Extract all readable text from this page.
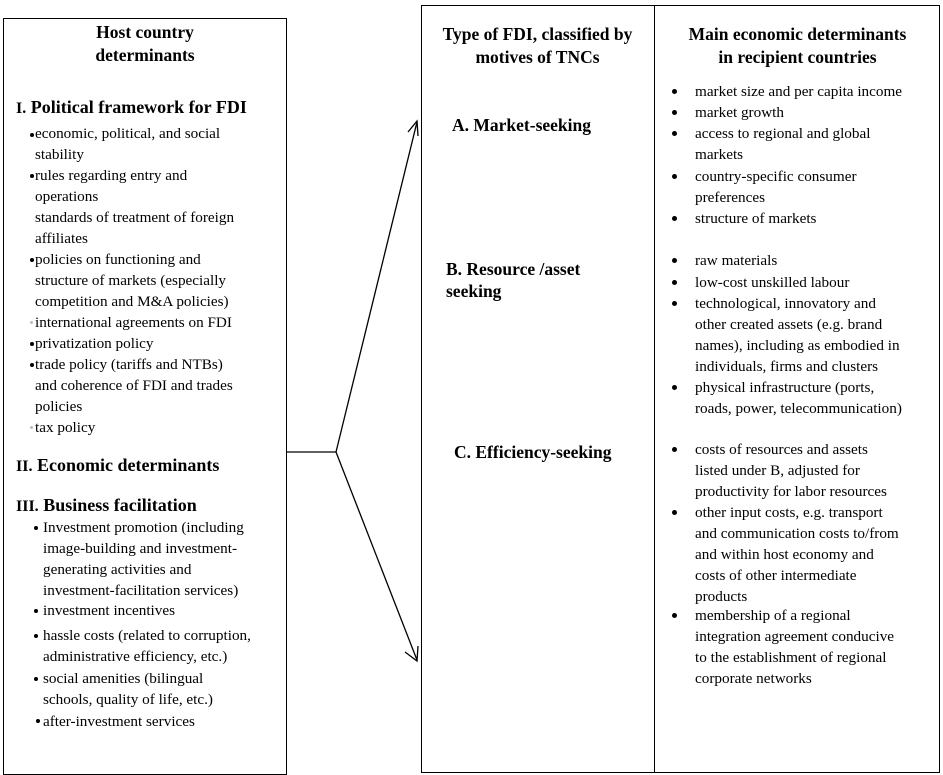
Host country
determinants
I. Political framework for FDI
economic, political, and social
stability
rules regarding entry and
operations
standards of treatment of foreign
affiliates
policies on functioning and
structure of markets (especially
competition and M&A policies)
international agreements on FDI
privatization policy
trade policy (tariffs and NTBs)
and coherence of FDI and trades
policies
tax policy
II. Economic determinants
III. Business facilitation
Investment promotion (including
image-building and investment-
generating activities and
investment-facilitation services)
investment incentives
hassle costs (related to corruption,
administrative efficiency, etc.)
social amenities (bilingual
schools, quality of life, etc.)
after-investment services
Type of FDI, classified by
motives of TNCs
A. Market-seeking
B. Resource /asset
seeking
C. Efficiency-seeking
Main economic determinants
in recipient countries
market size and per capita income
market growth
access to regional and global
markets
country-specific consumer
preferences
structure of markets
raw materials
low-cost unskilled labour
technological, innovatory and
other created assets (e.g. brand
names), including as embodied in
individuals, firms and clusters
physical infrastructure (ports,
roads, power, telecommunication)
costs of resources and assets
listed under B, adjusted for
productivity for labor resources
other input costs, e.g. transport
and communication costs to/from
and within host economy and
costs of other intermediate
products
membership of a regional
integration agreement conducive
to the establishment of regional
corporate networks
